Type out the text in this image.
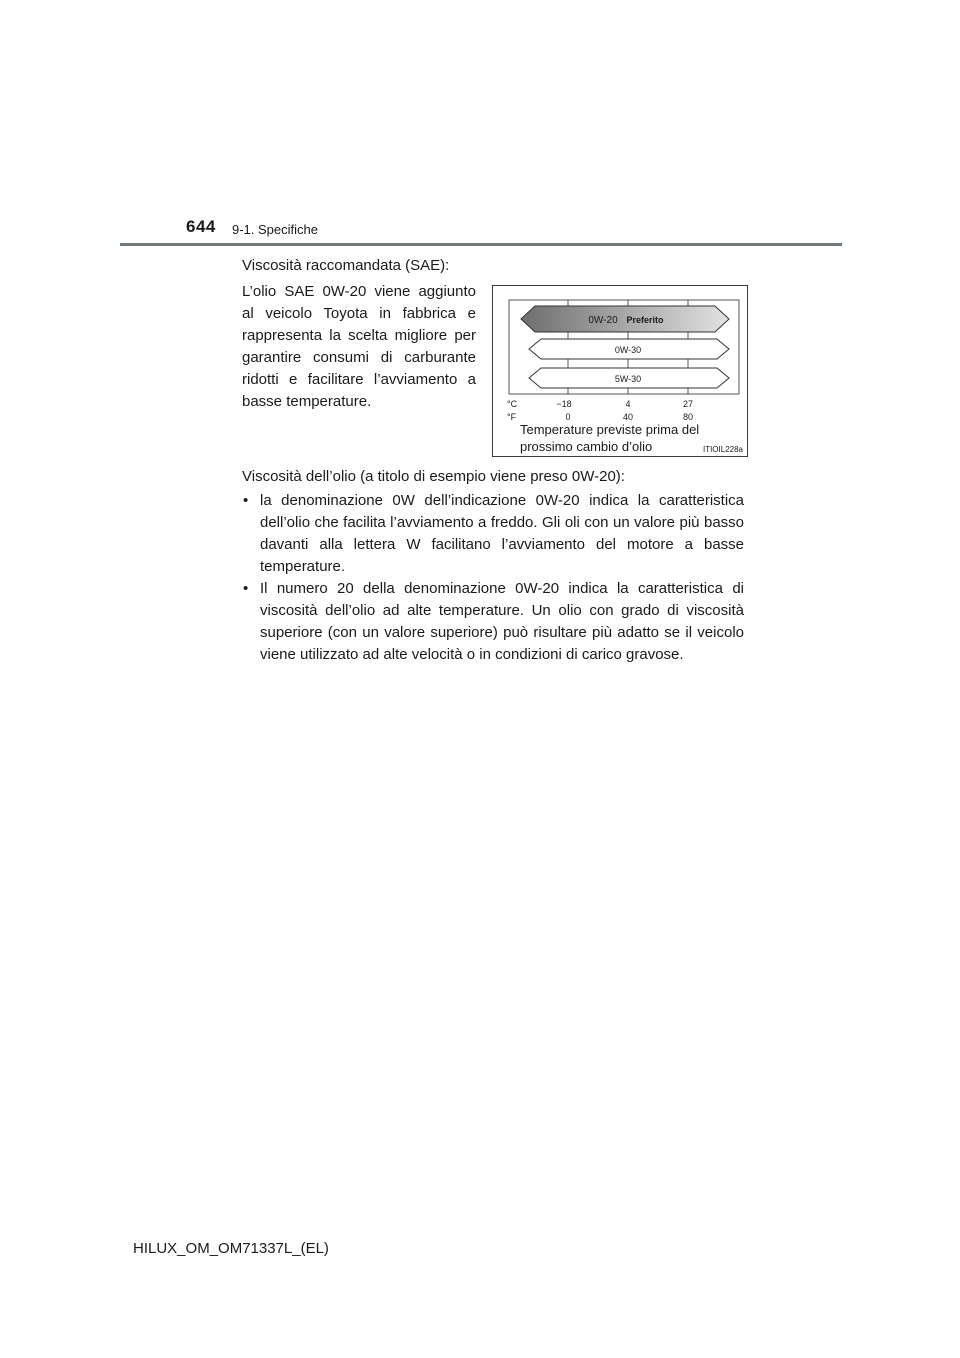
644 9-1. Specifiche
Viscosità raccomandata (SAE):
L’olio SAE 0W-20 viene aggiunto al veicolo Toyota in fabbrica e rappresenta la scelta migliore per garantire consumi di carburante ridotti e facilitare l’avviamento a basse temperature.
0W-20 Preferito
0W-30
5W-30
°C
°F
−18	4	27
0	40	80
Temperature previste prima del
prossimo cambio d’olio	ITIOIL228a
Viscosità dell’olio (a titolo di esempio viene preso 0W-20):
• la denominazione 0W dell’indicazione 0W-20 indica la caratteristica dell’olio che facilita l’avviamento a freddo. Gli oli con un valore più basso davanti alla lettera W facilitano l’avviamento del motore a basse temperature.
• Il numero 20 della denominazione 0W-20 indica la caratteristica di viscosità dell’olio ad alte temperature. Un olio con grado di viscosità superiore (con un valore superiore) può risultare più adatto se il veicolo viene utilizzato ad alte velocità o in condizioni di carico gravose.
HILUX_OM_OM71337L_(EL)
